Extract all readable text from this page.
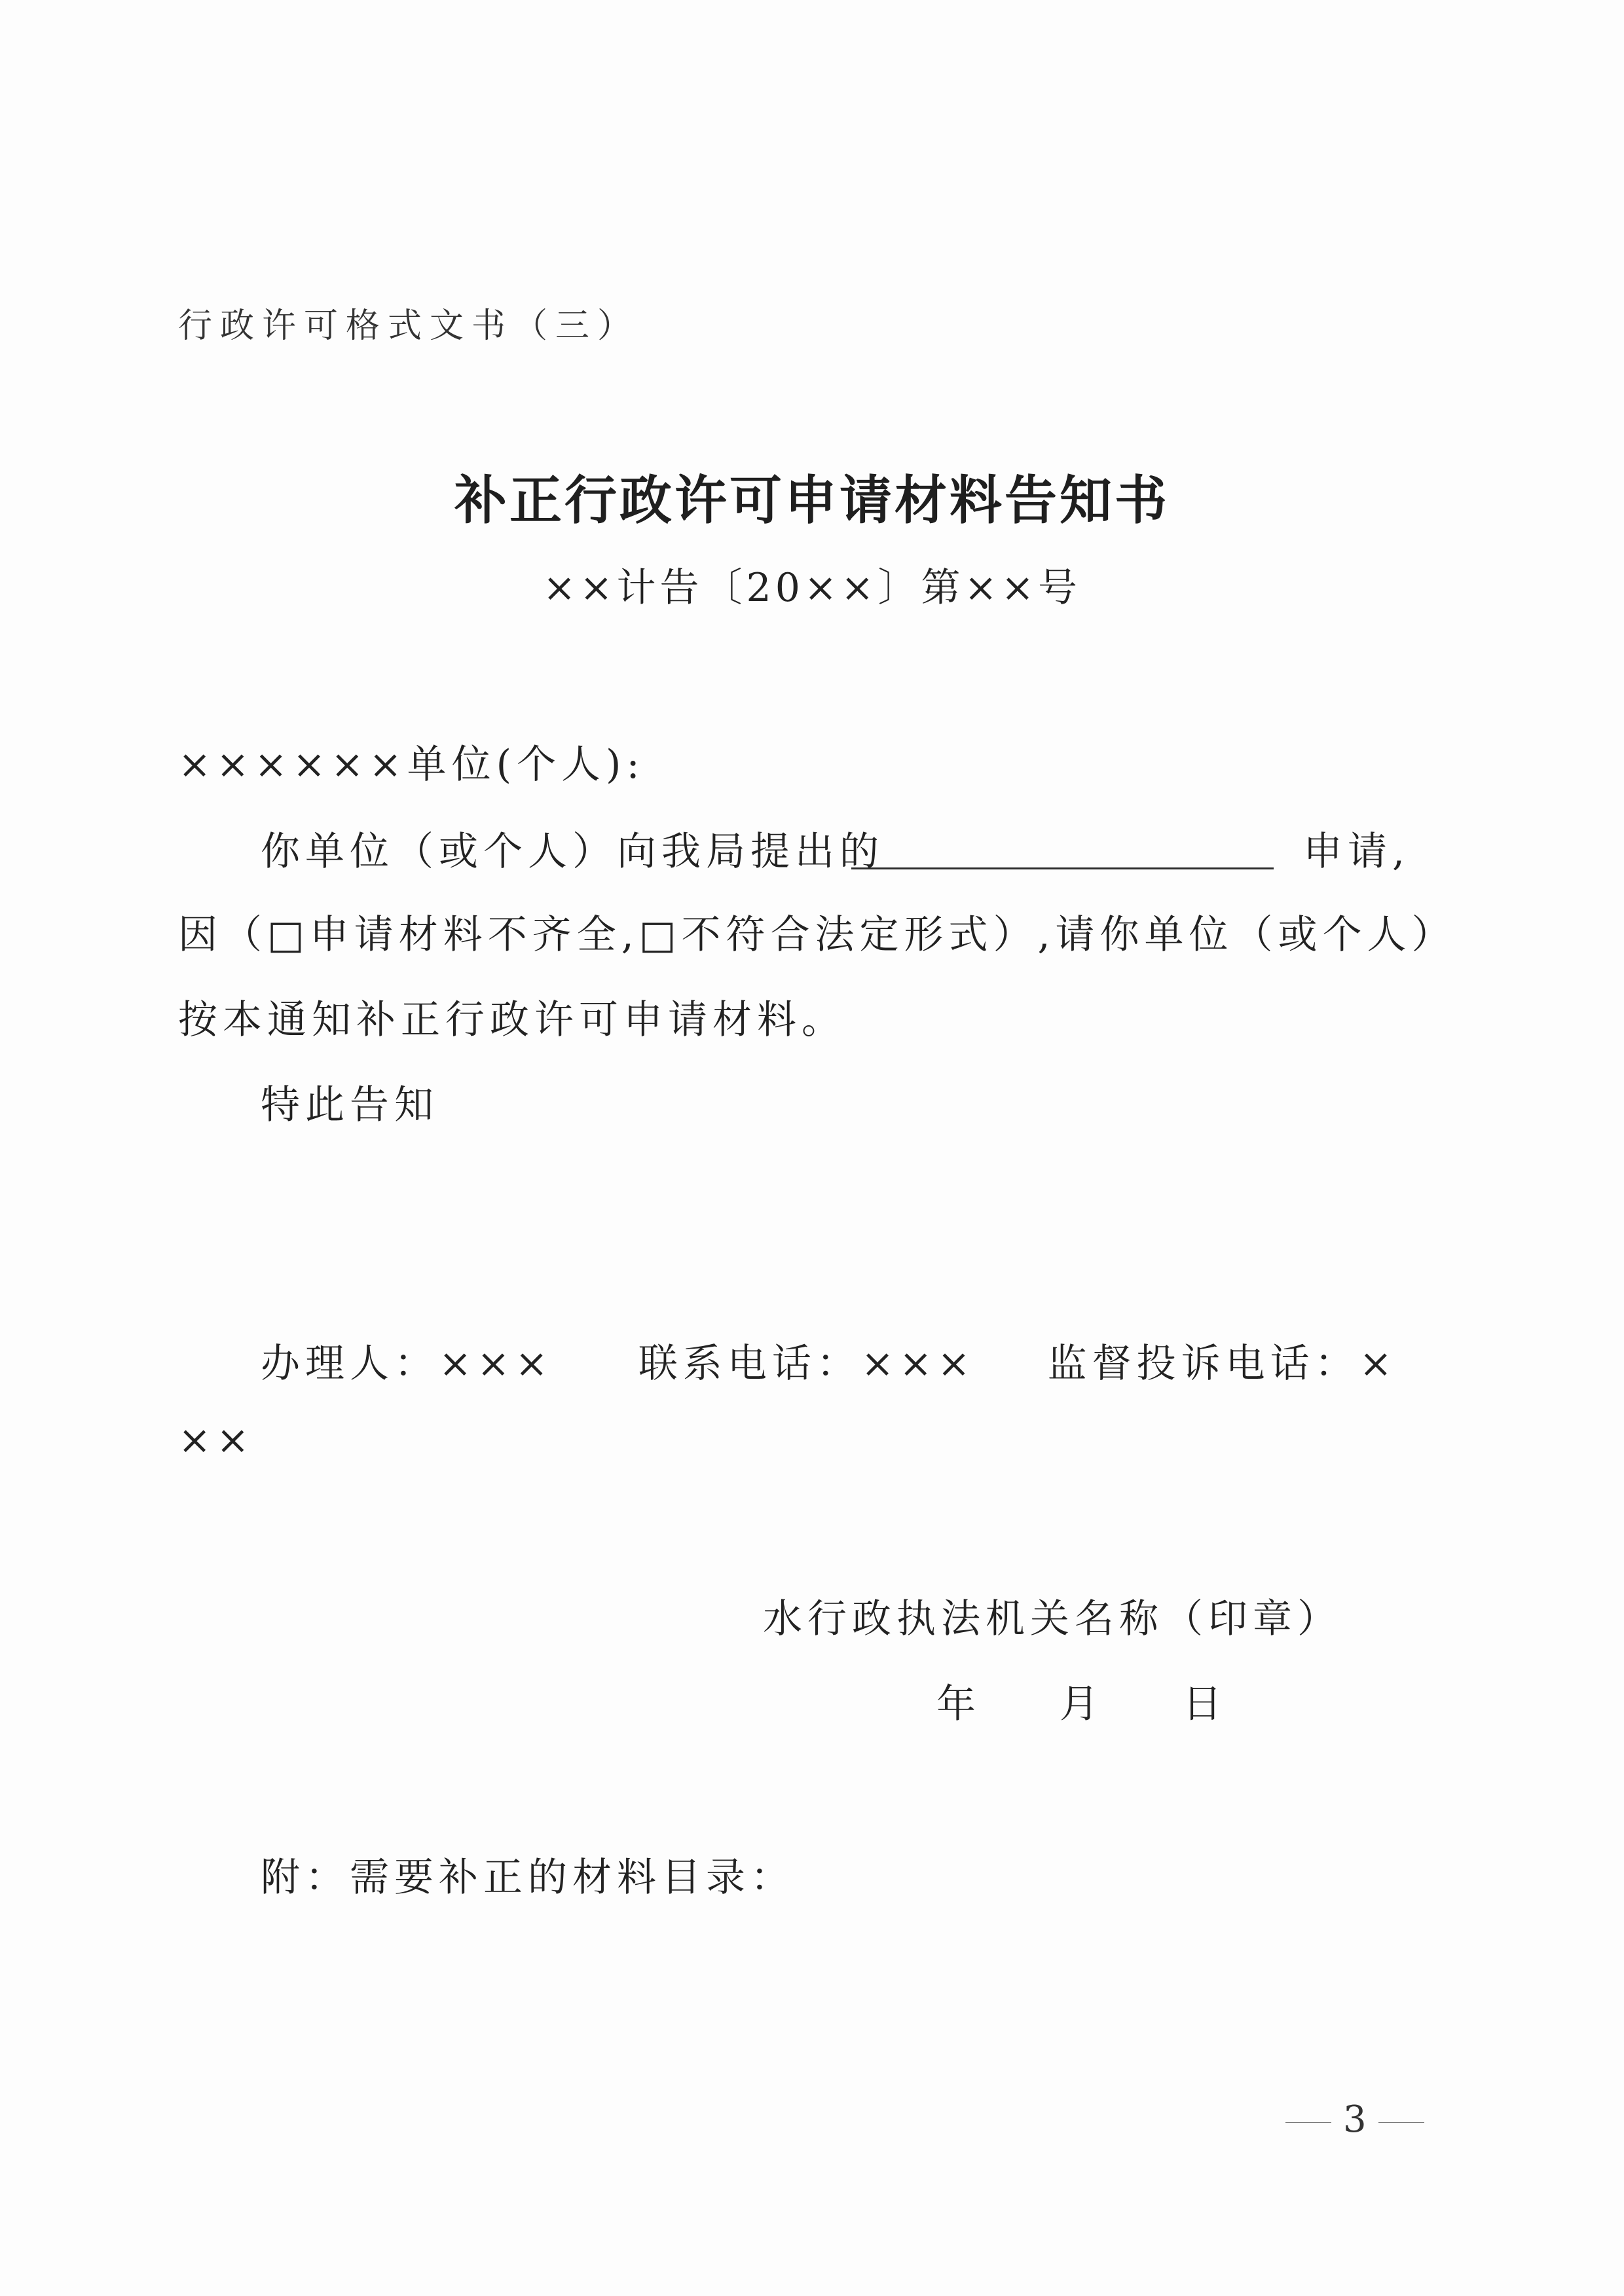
行政许可格式文书（三）
补正行政许可申请材料告知书
××计告〔20××〕第××号
××××××单位(个人):
你单位（或个人）向我局提出的	申请,
因（□申请材料不齐全,□不符合法定形式）,请你单位（或个人）
按本通知补正行政许可申请材料。
特此告知
办理人：××× 联系电话：××× 监督投诉电话：×
××
水行政执法机关名称（印章）
年 月 日
附：需要补正的材料目录：
3
